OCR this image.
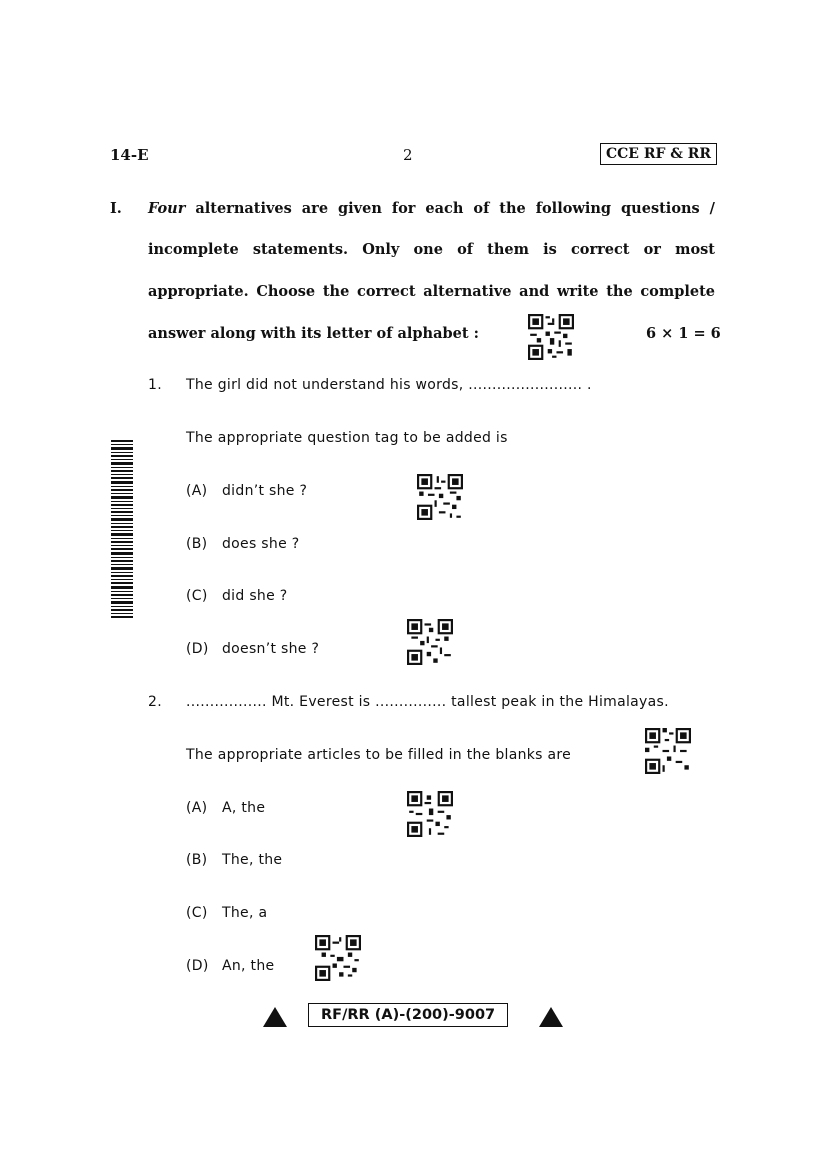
14-E	2	CCE RF & RR
I. Four alternatives are given for each of the following questions /
incomplete statements. Only one of them is correct or most
appropriate. Choose the correct alternative and write the complete
answer along with its letter of alphabet :	6 × 1 = 6
1. The girl did not understand his words, ........................ .
The appropriate question tag to be added is
(A) didn’t she ?
(B) does she ?
(C) did she ?
(D) doesn’t she ?
2. ................. Mt. Everest is ............... tallest peak in the Himalayas.
The appropriate articles to be filled in the blanks are
(A) A, the
(B) The, the
(C) The, a
(D) An, the
RF/RR (A)-(200)-9007
